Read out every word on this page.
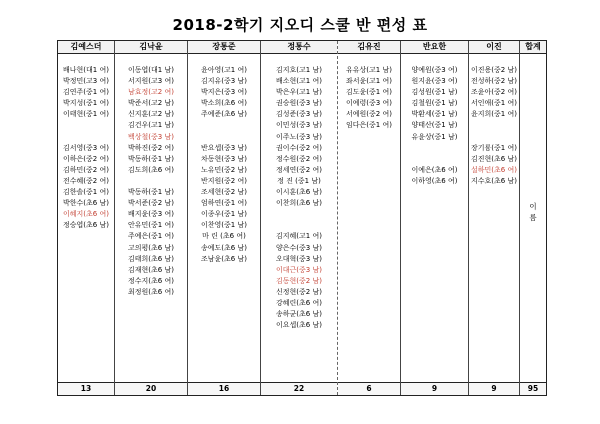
2018-2학기 지오디 스쿨 반 편성 표
김예스더
배나현(대1 여)
박정민(고3 여)
김연주(중1 여)
박지성(중1 여)
이태현(중1 여)

김서영(중3 여)
이하은(중2 여)
김하민(중2 여)
전수혜(중2 여)
김한솔(중1 여)
박한수(초6 남)
이혜지(초6 여)
정승엽(초6 남)
13
김낙윤
이동엽(대1 남)
서지원(고3 여)
남효정(고2 여)
박준서(고2 남)
신지훈(고2 남)
김건우(고1 남)
백상철(중3 남)
박하진(중2 여)
박동하(중1 남)
김도희(초6 여)

박동하(중1 남)
박서준(중2 남)
배지윤(중3 여)
안유민(중1 여)
주예은(중1 여)
고의평(초6 남)
김태희(초6 남)
김재현(초6 남)
정수지(초6 여)
최정원(초6 여)
20
장통준
윤아영(고1 여)
김지유(중3 남)
박지은(중3 여)
박소희(초6 여)
주예준(초6 남)

반요셉(중3 남)
차동현(중3 남)
노유민(중2 남)
반지원(중2 여)
조세현(중2 남)
엄하연(중1 여)
이종우(중1 남)
이찬영(중1 남)
마 린 (초6 여)
송예도(초6 남)
조남윤(초6 남)
16
정통수
김지호(고1 남)
배소현(고1 여)
박은우(고1 남)
권승원(중3 남)
김성준(중3 남)
이민성(중3 남)
이주노(중3 남)
권이수(중2 여)
정수원(중2 여)
정세연(중2 여)
정 진 (중1 남)
이시훈(초6 남)
이찬희(초6 남)

김지혜(고1 여)
양은수(중3 남)
오대혁(중3 남)
이대근(중3 남)
김동현(중2 남)
신정현(중2 남)
강혜린(초6 여)
송하균(초6 남)
이요셉(초6 남)
22
김유진
유유상(고1 남)
좌서윤(고1 여)
김도윤(중1 여)
이예령(중3 여)
서예원(중2 여)
임다은(중1 여)
6
반요한
양예원(중3 여)
원지윤(중3 여)
김성원(중1 남)
김철원(중1 남)
박환세(중1 남)
양태산(중1 남)
유윤상(중1 남)

이예은(초6 여)
이하영(초6 여)
9
이진
이진용(중2 남)
전성하(중2 남)
조윤아(중2 여)
서인애(중1 여)
윤지희(중1 여)

장기륭(중1 여)
김진현(초6 남)
설하민(초6 여)
지수호(초6 남)
9
합계
이
름
95
